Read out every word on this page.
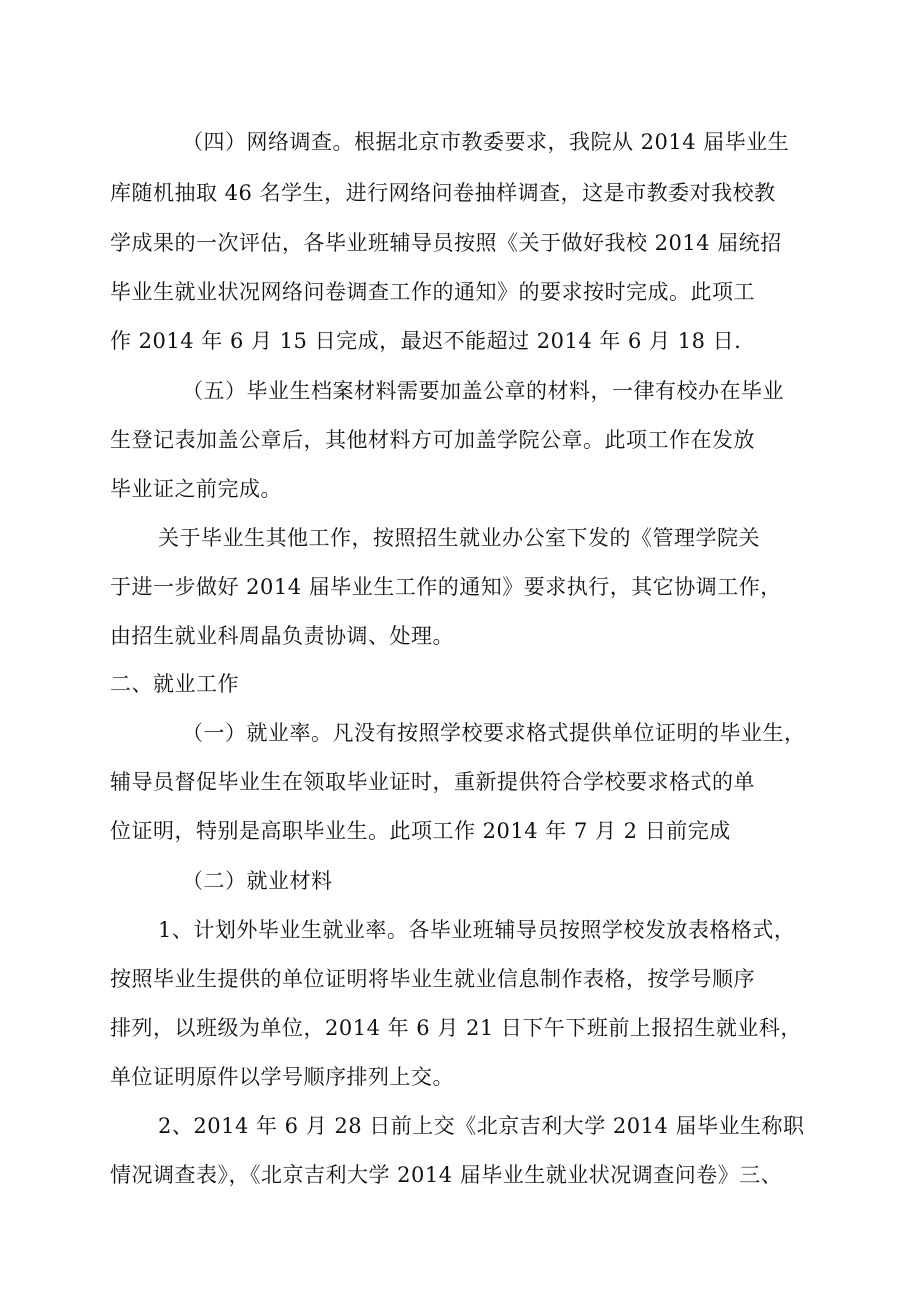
（四）网络调查。根据北京市教委要求，我院从 2014 届毕业生
库随机抽取 46 名学生，进行网络问卷抽样调查，这是市教委对我校教
学成果的一次评估，各毕业班辅导员按照《关于做好我校 2014 届统招
毕业生就业状况网络问卷调查工作的通知》的要求按时完成。此项工
作 2014 年 6 月 15 日完成，最迟不能超过 2014 年 6 月 18 日.
（五）毕业生档案材料需要加盖公章的材料，一律有校办在毕业
生登记表加盖公章后，其他材料方可加盖学院公章。此项工作在发放
毕业证之前完成。
关于毕业生其他工作，按照招生就业办公室下发的《管理学院关
于进一步做好 2014 届毕业生工作的通知》要求执行，其它协调工作，
由招生就业科周晶负责协调、处理。
二、就业工作
（一）就业率。凡没有按照学校要求格式提供单位证明的毕业生，
辅导员督促毕业生在领取毕业证时，重新提供符合学校要求格式的单
位证明，特别是高职毕业生。此项工作 2014 年 7 月 2 日前完成
（二）就业材料
1、计划外毕业生就业率。各毕业班辅导员按照学校发放表格格式，
按照毕业生提供的单位证明将毕业生就业信息制作表格，按学号顺序
排列，以班级为单位，2014 年 6 月 21 日下午下班前上报招生就业科，
单位证明原件以学号顺序排列上交。
2、2014 年 6 月 28 日前上交《北京吉利大学 2014 届毕业生称职
情况调查表》，《北京吉利大学 2014 届毕业生就业状况调查问卷》三、
